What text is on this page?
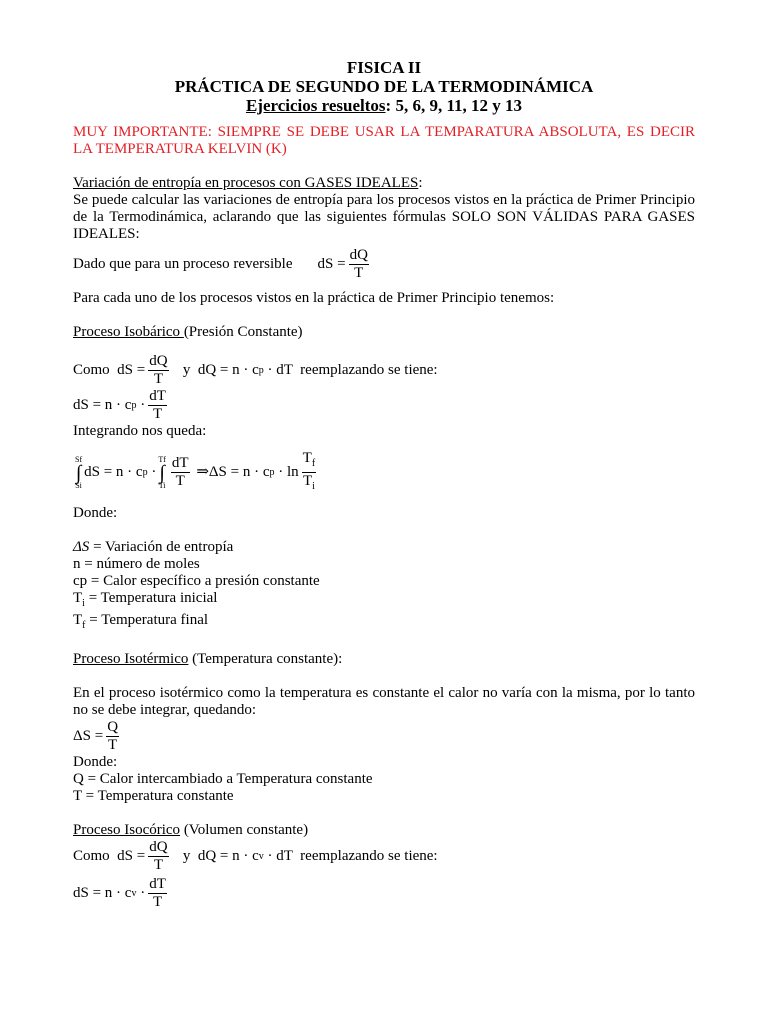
FISICA II
PRÁCTICA DE SEGUNDO DE LA TERMODINÁMICA
Ejercicios resueltos: 5, 6, 9, 11, 12 y 13
MUY IMPORTANTE: SIEMPRE SE DEBE USAR LA TEMPARATURA ABSOLUTA, ES DECIR LA TEMPERATURA KELVIN (K)
Variación de entropía en procesos con GASES IDEALES:
Se puede calcular las variaciones de entropía para los procesos vistos en la práctica de Primer Principio de la Termodinámica, aclarando que las siguientes fórmulas SOLO SON VÁLIDAS PARA GASES IDEALES:
Dado que para un proceso reversible dS = $\frac{dQ}{T}$
Para cada uno de los procesos vistos en la práctica de Primer Principio tenemos:
Proceso Isobárico (Presión Constante)
Como  dS = $\frac{dQ}{T}$ y  dQ = n · c p · dT  reemplazando se tiene:
dS = n · c $p \cdot \frac{dT}{T}$
Integrando nos queda:
Sf
∫
Si
dS = n · c p ·
Tf
∫
Ti $\frac{dT}{T}$ ⇒ΔS = n · c $p \cdot \ln \frac{T_f}{T_i}$
Donde:
ΔS = Variación de entropía
n = número de moles
cp = Calor específico a presión constante
$T_i$ = Temperatura inicial
$T_f$ = Temperatura final
Proceso Isotérmico (Temperatura constante):
En el proceso isotérmico como la temperatura es constante el calor no varía con la misma, por lo tanto no se debe integrar, quedando:
$\Delta S = \frac{Q}{T}$
Donde:
Q = Calor intercambiado a Temperatura constante
T = Temperatura constante
Proceso Isocórico (Volumen constante)
Como  dS = $\frac{dQ}{T}$ y  dQ = n · c v · dT  reemplazando se tiene:
dS = n · c $v \cdot \frac{dT}{T}$
